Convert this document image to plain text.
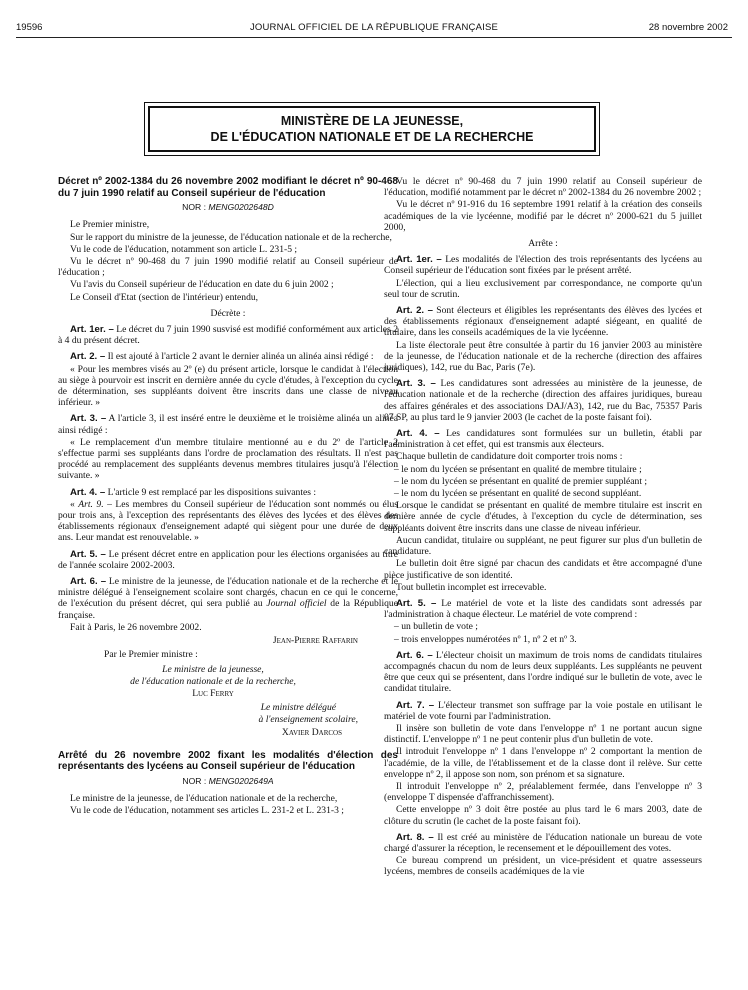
19596	JOURNAL OFFICIEL DE LA RÉPUBLIQUE FRANÇAISE	28 novembre 2002
MINISTÈRE DE LA JEUNESSE,
DE L'ÉDUCATION NATIONALE ET DE LA RECHERCHE

Décret nº 2002-1384 du 26 novembre 2002 modifiant le décret nº 90-468 du 7 juin 1990 relatif au Conseil supérieur de l'éducation

NOR : MENG0202648D

Le Premier ministre,

Sur le rapport du ministre de la jeunesse, de l'éducation nationale et de la recherche,

Vu le code de l'éducation, notamment son article L. 231-5 ;

Vu le décret nº 90-468 du 7 juin 1990 modifié relatif au Conseil supérieur de l'éducation ;

Vu l'avis du Conseil supérieur de l'éducation en date du 6 juin 2002 ;

Le Conseil d'Etat (section de l'intérieur) entendu,

Décrète :

Art. 1er. – Le décret du 7 juin 1990 susvisé est modifié conformément aux articles 2 à 4 du présent décret.

Art. 2. – Il est ajouté à l'article 2 avant le dernier alinéa un alinéa ainsi rédigé :

« Pour les membres visés au 2º (e) du présent article, lorsque le candidat à l'élection au siège à pourvoir est inscrit en dernière année du cycle d'études, à l'exception du cycle de détermination, ses suppléants doivent être inscrits dans une classe de niveau inférieur. »

Art. 3. – A l'article 3, il est inséré entre le deuxième et le troisième alinéa un alinéa ainsi rédigé :

« Le remplacement d'un membre titulaire mentionné au e du 2º de l'article 2 s'effectue parmi ses suppléants dans l'ordre de proclamation des résultats. Il n'est pas procédé au remplacement des suppléants devenus membres titulaires jusqu'à l'élection suivante. »

Art. 4. – L'article 9 est remplacé par les dispositions suivantes :

« Art. 9. – Les membres du Conseil supérieur de l'éducation sont nommés ou élus pour trois ans, à l'exception des représentants des élèves des lycées et des élèves des établissements régionaux d'enseignement adapté qui siègent pour une durée de deux ans. Leur mandat est renouvelable. »

Art. 5. – Le présent décret entre en application pour les élections organisées au titre de l'année scolaire 2002-2003.

Art. 6. – Le ministre de la jeunesse, de l'éducation nationale et de la recherche et le ministre délégué à l'enseignement scolaire sont chargés, chacun en ce qui le concerne, de l'exécution du présent décret, qui sera publié au Journal officiel de la République française.

Fait à Paris, le 26 novembre 2002.

Jean-Pierre Raffarin

Par le Premier ministre :

Le ministre de la jeunesse,

de l'éducation nationale et de la recherche,

Luc Ferry

Le ministre délégué

à l'enseignement scolaire,

Xavier Darcos

Arrêté du 26 novembre 2002 fixant les modalités d'élection des représentants des lycéens au Conseil supérieur de l'éducation

NOR : MENG0202649A

Le ministre de la jeunesse, de l'éducation nationale et de la recherche,

Vu le code de l'éducation, notamment ses articles L. 231-2 et L. 231-3 ;

Vu le décret nº 90-468 du 7 juin 1990 relatif au Conseil supérieur de l'éducation, modifié notamment par le décret nº 2002-1384 du 26 novembre 2002 ;

Vu le décret nº 91-916 du 16 septembre 1991 relatif à la création des conseils académiques de la vie lycéenne, modifié par le décret nº 2000-621 du 5 juillet 2000,

Arrête :

Art. 1er. – Les modalités de l'élection des trois représentants des lycéens au Conseil supérieur de l'éducation sont fixées par le présent arrêté.

L'élection, qui a lieu exclusivement par correspondance, ne comporte qu'un seul tour de scrutin.

Art. 2. – Sont électeurs et éligibles les représentants des élèves des lycées et des établissements régionaux d'enseignement adapté siégeant, en qualité de titulaire, dans les conseils académiques de la vie lycéenne.

La liste électorale peut être consultée à partir du 16 janvier 2003 au ministère de la jeunesse, de l'éducation nationale et de la recherche (direction des affaires juridiques), 142, rue du Bac, Paris (7e).

Art. 3. – Les candidatures sont adressées au ministère de la jeunesse, de l'éducation nationale et de la recherche (direction des affaires juridiques, bureau des affaires générales et des associations DAJ/A3), 142, rue du Bac, 75357 Paris 07 SP, au plus tard le 9 janvier 2003 (le cachet de la poste faisant foi).

Art. 4. – Les candidatures sont formulées sur un bulletin, établi par l'administration à cet effet, qui est transmis aux électeurs.

Chaque bulletin de candidature doit comporter trois noms :

– le nom du lycéen se présentant en qualité de membre titulaire ;

– le nom du lycéen se présentant en qualité de premier suppléant ;

– le nom du lycéen se présentant en qualité de second suppléant.

Lorsque le candidat se présentant en qualité de membre titulaire est inscrit en dernière année de cycle d'études, à l'exception du cycle de détermination, ses suppléants doivent être inscrits dans une classe de niveau inférieur.

Aucun candidat, titulaire ou suppléant, ne peut figurer sur plus d'un bulletin de candidature.

Le bulletin doit être signé par chacun des candidats et être accompagné d'une pièce justificative de son identité.

Tout bulletin incomplet est irrecevable.

Art. 5. – Le matériel de vote et la liste des candidats sont adressés par l'administration à chaque électeur. Le matériel de vote comprend :

– un bulletin de vote ;

– trois enveloppes numérotées nº 1, nº 2 et nº 3.

Art. 6. – L'électeur choisit un maximum de trois noms de candidats titulaires accompagnés chacun du nom de leurs deux suppléants. Les suppléants ne peuvent être que ceux qui se présentent, dans l'ordre indiqué sur le bulletin de vote, avec le candidat titulaire.

Art. 7. – L'électeur transmet son suffrage par la voie postale en utilisant le matériel de vote fourni par l'administration.

Il insère son bulletin de vote dans l'enveloppe nº 1 ne portant aucun signe distinctif. L'enveloppe nº 1 ne peut contenir plus d'un bulletin de vote.

Il introduit l'enveloppe nº 1 dans l'enveloppe nº 2 comportant la mention de l'académie, de la ville, de l'établissement et de la classe dont il relève. Sur cette enveloppe nº 2, il appose son nom, son prénom et sa signature.

Il introduit l'enveloppe nº 2, préalablement fermée, dans l'enveloppe nº 3 (enveloppe T dispensée d'affranchissement).

Cette enveloppe nº 3 doit être postée au plus tard le 6 mars 2003, date de clôture du scrutin (le cachet de la poste faisant foi).

Art. 8. – Il est créé au ministère de l'éducation nationale un bureau de vote chargé d'assurer la réception, le recensement et le dépouillement des votes.

Ce bureau comprend un président, un vice-président et quatre assesseurs lycéens, membres de conseils académiques de la vie
